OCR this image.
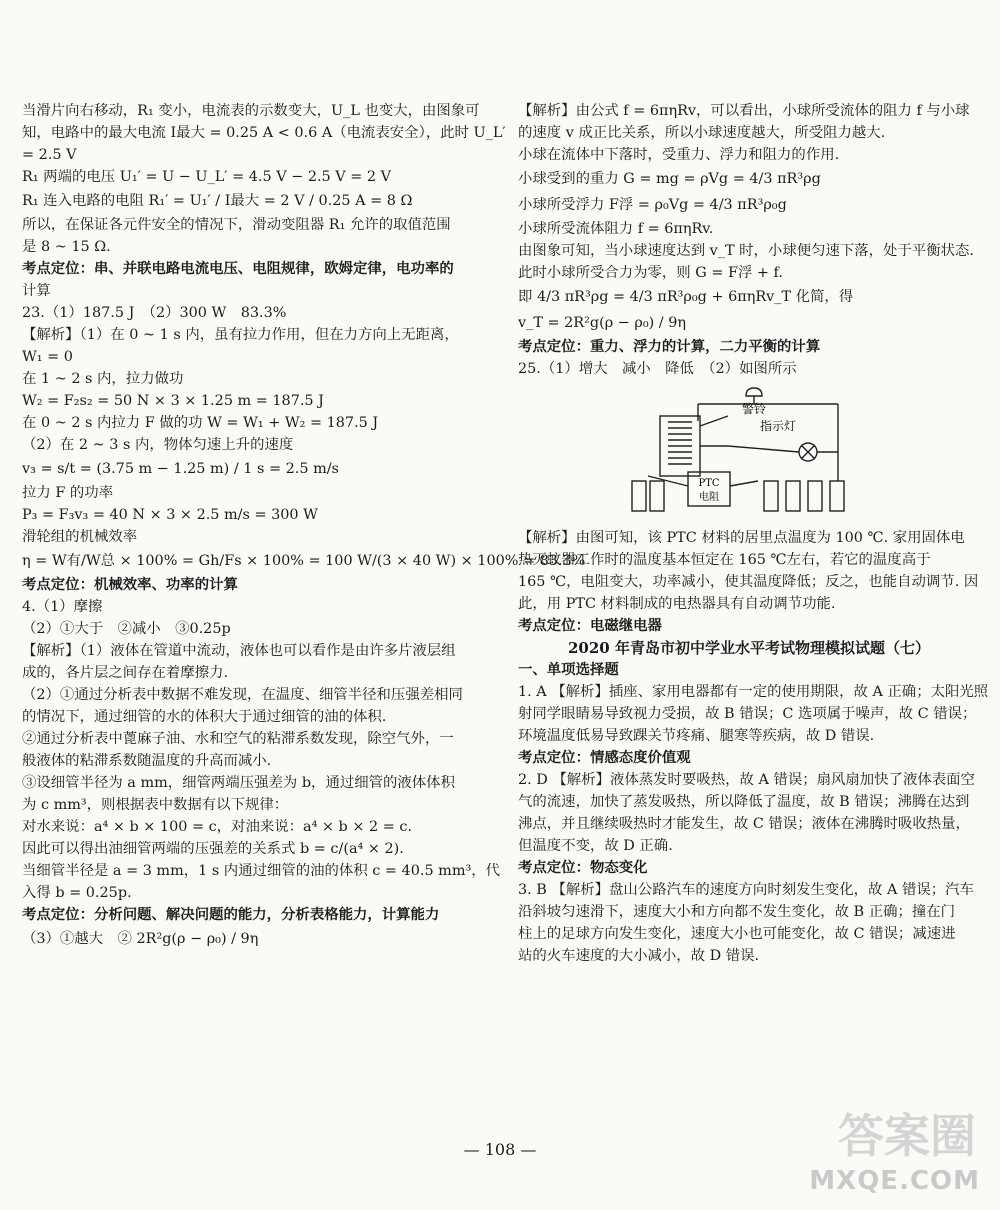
当滑片向右移动，R₁ 变小，电流表的示数变大，U_L 也变大，由图象可
知，电路中的最大电流 I最大 = 0.25 A < 0.6 A（电流表安全），此时 U_L′
= 2.5 V
R₁ 两端的电压 U₁′ = U − U_L′ = 4.5 V − 2.5 V = 2 V
R₁ 连入电路的电阻 R₁′ = U₁′ / I最大 = 2 V / 0.25 A = 8 Ω
所以，在保证各元件安全的情况下，滑动变阻器 R₁ 允许的取值范围
是 8 ~ 15 Ω.
考点定位：串、并联电路电流电压、电阻规律，欧姆定律，电功率的
计算
23.（1）187.5 J　（2）300 W　83.3%
【解析】（1）在 0 ~ 1 s 内，虽有拉力作用，但在力方向上无距离，
W₁ = 0
在 1 ~ 2 s 内，拉力做功
W₂ = F₂s₂ = 50 N × 3 × 1.25 m = 187.5 J
在 0 ~ 2 s 内拉力 F 做的功 W = W₁ + W₂ = 187.5 J
（2）在 2 ~ 3 s 内，物体匀速上升的速度
v₃ = s/t = (3.75 m − 1.25 m) / 1 s = 2.5 m/s
拉力 F 的功率
P₃ = F₃v₃ = 40 N × 3 × 2.5 m/s = 300 W
滑轮组的机械效率
η = W有/W总 × 100% = Gh/Fs × 100% = 100 W/(3 × 40 W) × 100% = 83.3%
考点定位：机械效率、功率的计算
4.（1）摩擦
（2）①大于　②减小　③0.25p
【解析】（1）液体在管道中流动，液体也可以看作是由许多片液层组
成的，各片层之间存在着摩擦力.
（2）①通过分析表中数据不难发现，在温度、细管半径和压强差相同
的情况下，通过细管的水的体积大于通过细管的油的体积.
②通过分析表中蓖麻子油、水和空气的粘滞系数发现，除空气外，一
般液体的粘滞系数随温度的升高而减小.
③设细管半径为 a mm，细管两端压强差为 b，通过细管的液体体积
为 c mm³，则根据表中数据有以下规律：
对水来说：a⁴ × b × 100 = c，对油来说：a⁴ × b × 2 = c.
因此可以得出油细管两端的压强差的关系式 b = c/(a⁴ × 2).
当细管半径是 a = 3 mm，1 s 内通过细管的油的体积 c = 40.5 mm³，代
入得 b = 0.25p.
考点定位：分析问题、解决问题的能力，分析表格能力，计算能力
（3）①越大　② 2R²g(ρ − ρ₀) / 9η
【解析】由公式 f = 6πηRv，可以看出，小球所受流体的阻力 f 与小球
的速度 v 成正比关系，所以小球速度越大，所受阻力越大.
小球在流体中下落时，受重力、浮力和阻力的作用.
小球受到的重力 G = mg = ρVg = 4/3 πR³ρg
小球所受浮力 F浮 = ρ₀Vg = 4/3 πR³ρ₀g
小球所受流体阻力 f = 6πηRv.
由图象可知，当小球速度达到 v_T 时，小球便匀速下落，处于平衡状态.
此时小球所受合力为零，则 G = F浮 + f.
即 4/3 πR³ρg = 4/3 πR³ρ₀g + 6πηRv_T 化简，得
v_T = 2R²g(ρ − ρ₀) / 9η
考点定位：重力、浮力的计算，二力平衡的计算
25.（1）增大　减小　降低　（2）如图所示
警铃
指示灯
PTC
电阻
【解析】由图可知，该 PTC 材料的居里点温度为 100 ℃. 家用固体电
热灭蚊器工作时的温度基本恒定在 165 ℃左右，若它的温度高于
165 ℃，电阻变大，功率减小，使其温度降低；反之，也能自动调节. 因
此，用 PTC 材料制成的电热器具有自动调节功能.
考点定位：电磁继电器
2020 年青岛市初中学业水平考试物理模拟试题（七）
一、单项选择题
1. A 【解析】插座、家用电器都有一定的使用期限，故 A 正确；太阳光照
射同学眼睛易导致视力受损，故 B 错误；C 选项属于噪声，故 C 错误；
环境温度低易导致踝关节疼痛、腿寒等疾病，故 D 错误.
考点定位：情感态度价值观
2. D 【解析】液体蒸发时要吸热，故 A 错误；扇风扇加快了液体表面空
气的流速，加快了蒸发吸热，所以降低了温度，故 B 错误；沸腾在达到
沸点，并且继续吸热时才能发生，故 C 错误；液体在沸腾时吸收热量，
但温度不变，故 D 正确.
考点定位：物态变化
3. B 【解析】盘山公路汽车的速度方向时刻发生变化，故 A 错误；汽车
沿斜坡匀速滑下，速度大小和方向都不发生变化，故 B 正确；撞在门
柱上的足球方向发生变化，速度大小也可能变化，故 C 错误；减速进
站的火车速度的大小减小，故 D 错误.
— 108 —	答案圈
MXQE.COM
